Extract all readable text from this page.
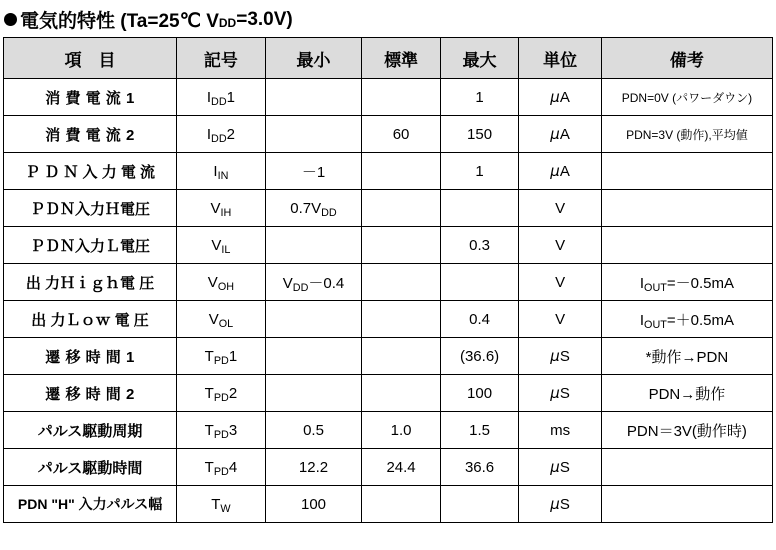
電気的特性 (Ta=25℃ V DD =3.0V)
項　目	記号	最小	標準	最大	単位	備考
消 費 電 流 1	$I_{DD}1$			1	μA	PDN=0V (パワーダウン)
消 費 電 流 2	$I_{DD}2$		60	150	μA	PDN=3V (動作),平均値
Ｐ Ｄ Ｎ 入 力 電 流	$I_{IN}$	－1		1	μA	
ＰＤＮ入力Ｈ電圧	$V_{IH}$	$0.7V_{DD}$			V	
ＰＤＮ入力Ｌ電圧	$V_{IL}$			0.3	V	
出 力Ｈｉｇｈ電 圧	$V_{OH}$	$V_{DD}-0.4$			V	$I_{OUT}=-0.5mA$
出 力Ｌｏｗ 電 圧	$V_{OL}$			0.4	V	$I_{OUT}=+0.5mA$
遷 移 時 間 1	$T_{PD}1$			(36.6)	μS	*動作→PDN
遷 移 時 間 2	$T_{PD}2$			100	μS	PDN→動作
パルス駆動周期	$T_{PD}3$	0.5	1.0	1.5	ms	PDN＝3V(動作時)
パルス駆動時間	$T_{PD}4$	12.2	24.4	36.6	μS	
PDN "H" 入力パルス幅	$T_W$	100			μS	
